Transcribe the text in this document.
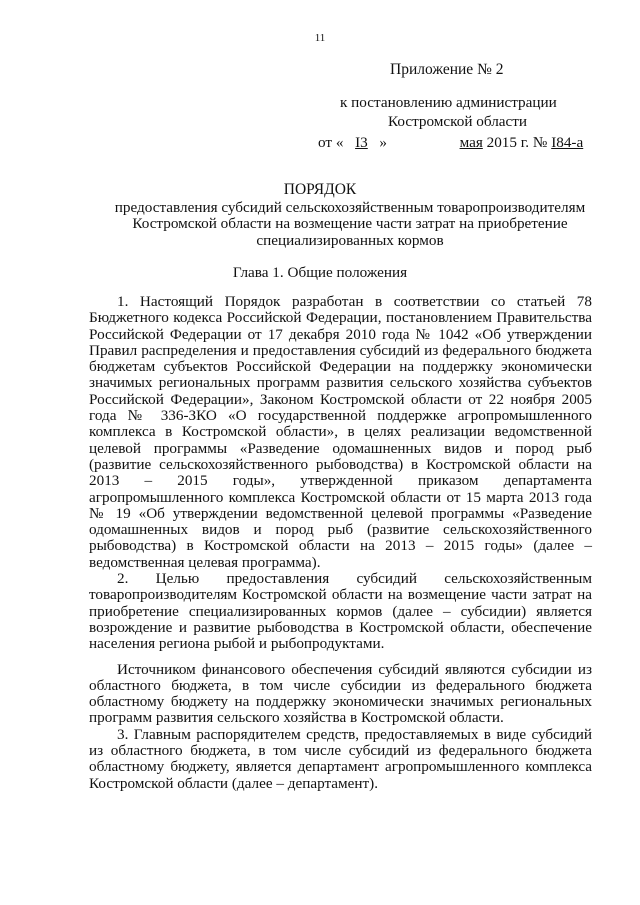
11
Приложение № 2
к постановлению администрации
Костромской области
от « I3 »	мая 2015 г. № I84-а
ПОРЯДОК
предоставления субсидий сельскохозяйственным товаропроизводителям Костромской области на возмещение части затрат на приобретение специализированных кормов
Глава 1. Общие положения

1. Настоящий Порядок разработан в соответствии со статьей 78 Бюджетного кодекса Российской Федерации, постановлением Правительства Российской Федерации от 17 декабря 2010 года № 1042 «Об утверждении Правил распределения и предоставления субсидий из федерального бюджета бюджетам субъектов Российской Федерации на поддержку экономически значимых региональных программ развития сельского хозяйства субъектов Российской Федерации», Законом Костромской области от 22 ноября 2005 года № 336-ЗКО «О государственной поддержке агропромышленного комплекса в Костромской области», в целях реализации ведомственной целевой программы «Разведение одомашненных видов и пород рыб (развитие сельскохозяйственного рыбоводства) в Костромской области на 2013 – 2015 годы», утвержденной приказом департамента агропромышленного комплекса Костромской области от 15 марта 2013 года № 19 «Об утверждении ведомственной целевой программы «Разведение одомашненных видов и пород рыб (развитие сельскохозяйственного рыбоводства) в Костромской области на 2013 – 2015 годы» (далее – ведомственная целевая программа).

2. Целью предоставления субсидий сельскохозяйственным товаропроизводителям Костромской области на возмещение части затрат на приобретение специализированных кормов (далее – субсидии) является возрождение и развитие рыбоводства в Костромской области, обеспечение населения региона рыбой и рыбопродуктами.

Источником финансового обеспечения субсидий являются субсидии из областного бюджета, в том числе субсидии из федерального бюджета областному бюджету на поддержку экономически значимых региональных программ развития сельского хозяйства в Костромской области.

3. Главным распорядителем средств, предоставляемых в виде субсидий из областного бюджета, в том числе субсидий из федерального бюджета областному бюджету, является департамент агропромышленного комплекса Костромской области (далее – департамент).
